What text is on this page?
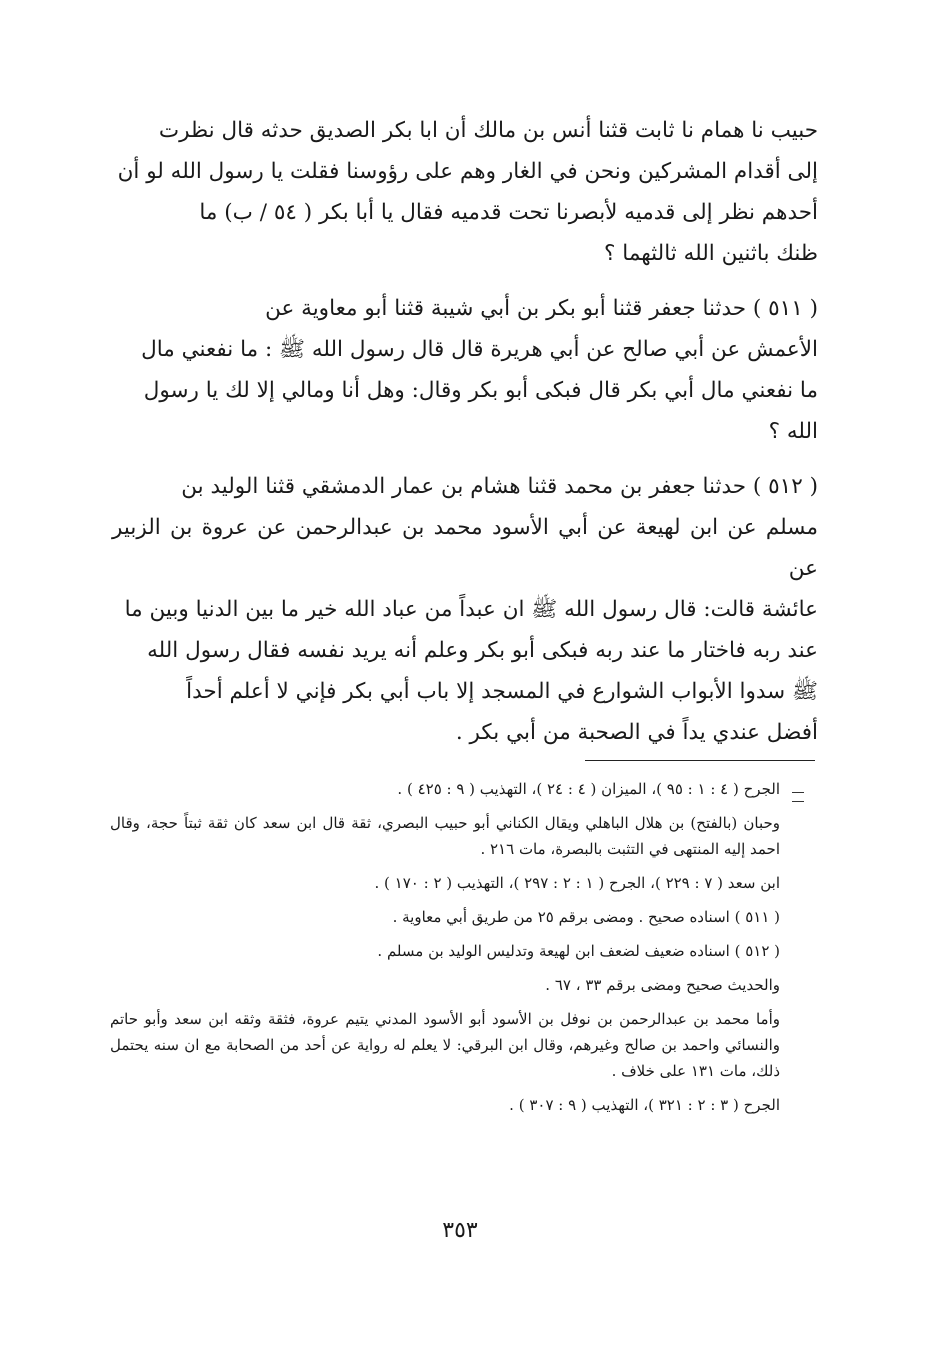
حبيب نا همام نا ثابت قثنا أنس بن مالك أن ابا بكر الصديق حدثه قال نظرت

إلى أقدام المشركين ونحن في الغار وهم على رؤوسنا فقلت يا رسول الله لو أن

أحدهم نظر إلى قدميه لأبصرنا تحت قدميه فقال يا أبا بكر ( ٥٤ / ب) ما

ظنك باثنين الله ثالثهما ؟

( ٥١١ ) حدثنا جعفر قثنا أبو بكر بن أبي شيبة قثنا أبو معاوية عن

الأعمش عن أبي صالح عن أبي هريرة قال قال رسول الله ﷺ : ما نفعني مال

ما نفعني مال أبي بكر قال فبكى أبو بكر وقال: وهل أنا ومالي إلا لك يا رسول

الله ؟

( ٥١٢ ) حدثنا جعفر بن محمد قثنا هشام بن عمار الدمشقي قثنا الوليد بن

مسلم عن ابن لهيعة عن أبي الأسود محمد بن عبدالرحمن عن عروة بن الزبير عن

عائشة قالت: قال رسول الله ﷺ ان عبداً من عباد الله خير ما بين الدنيا وبين ما

عند ربه فاختار ما عند ربه فبكى أبو بكر وعلم أنه يريد نفسه فقال رسول الله

ﷺ سدوا الأبواب الشوارع في المسجد إلا باب أبي بكر فإني لا أعلم أحداً

أفضل عندي يداً في الصحبة من أبي بكر .

الجرح ( ٤ : ١ : ٩٥ )، الميزان ( ٤ : ٢٤ )، التهذيب ( ٩ : ٤٢٥ ) .

وحبان (بالفتح) بن هلال الباهلي ويقال الكناني أبو حبيب البصري، ثقة قال ابن سعد كان ثقة ثبتاً حجة، وقال احمد إليه المنتهى في التثبت بالبصرة، مات ٢١٦ .

ابن سعد ( ٧ : ٢٢٩ )، الجرح ( ١ : ٢ : ٢٩٧ )، التهذيب ( ٢ : ١٧٠ ) .

( ٥١١ ) اسناده صحيح . ومضى برقم ٢٥ من طريق أبي معاوية .

( ٥١٢ ) اسناده ضعيف لضعف ابن لهيعة وتدليس الوليد بن مسلم .

والحديث صحيح ومضى برقم ٣٣ ، ٦٧ .

وأما محمد بن عبدالرحمن بن نوفل بن الأسود أبو الأسود المدني يتيم عروة، فثقة وثقه ابن سعد وأبو حاتم والنسائي واحمد بن صالح وغيرهم، وقال ابن البرقي: لا يعلم له رواية عن أحد من الصحابة مع ان سنه يحتمل ذلك، مات ١٣١ على خلاف .

الجرح ( ٣ : ٢ : ٣٢١ )، التهذيب ( ٩ : ٣٠٧ ) .

٣٥٣
